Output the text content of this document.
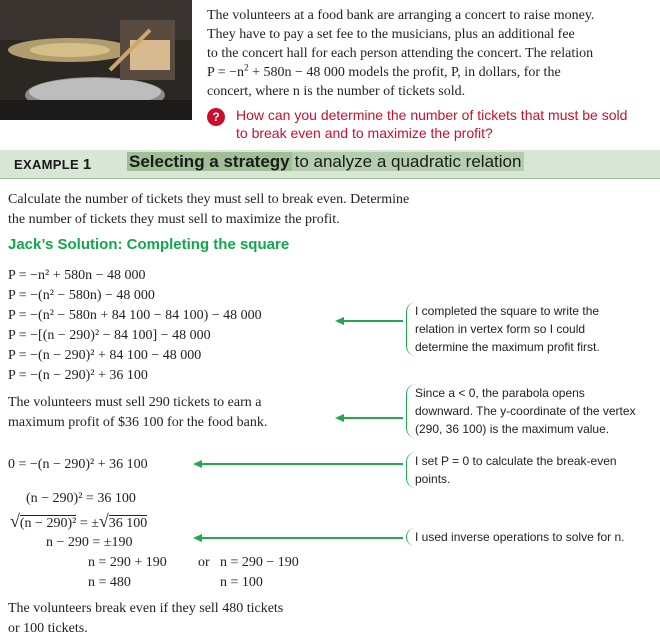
The volunteers at a food bank are arranging a concert to raise money.
They have to pay a set fee to the musicians, plus an additional fee
to the concert hall for each person attending the concert. The relation
$P = -n^2 + 580n - 48$ 000 models the profit, P, in dollars, for the
concert, where n is the number of tickets sold.
?	How can you determine the number of tickets that must be sold
to break even and to maximize the profit?
EXAMPLE 1 Selecting a strategy to analyze a quadratic relation
Calculate the number of tickets they must sell to break even. Determine
the number of tickets they must sell to maximize the profit.
Jack’s Solution: Completing the square
P = −n² + 580n − 48 000
P = −(n² − 580n) − 48 000
P = −(n² − 580n + 84 100 − 84 100) − 48 000
P = −[(n − 290)² − 84 100] − 48 000
P = −(n − 290)² + 84 100 − 48 000
P = −(n − 290)² + 36 100
The volunteers must sell 290 tickets to earn a
maximum profit of $36 100 for the food bank.
0 = −(n − 290)² + 36 100
(n − 290)² = 36 100
√(n − 290)² = ±√36 100
n − 290 = ±190
n = 290 + 190 or n = 290 − 190
n = 480	n = 100
The volunteers break even if they sell 480 tickets
or 100 tickets.
I completed the square to write the
relation in vertex form so I could
determine the maximum profit first.
Since a < 0, the parabola opens
downward. The y-coordinate of the vertex
(290, 36 100) is the maximum value.
I set P = 0 to calculate the break-even
points.
I used inverse operations to solve for n.
